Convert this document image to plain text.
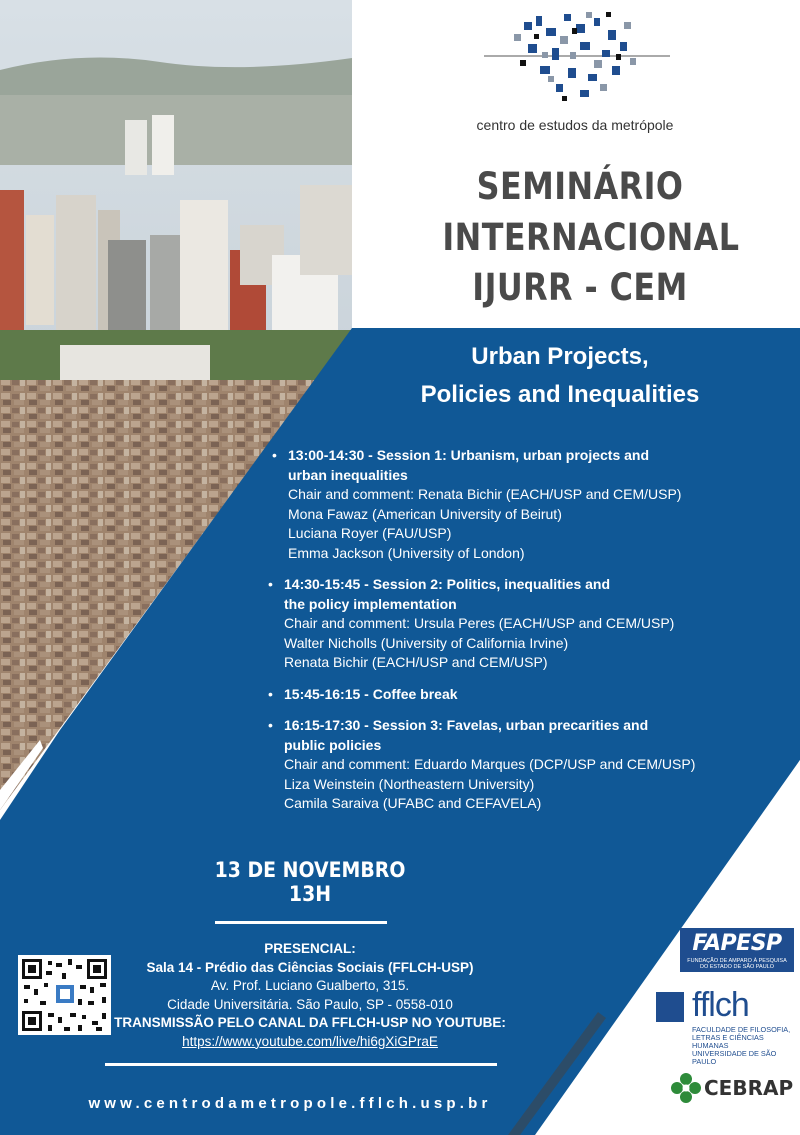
centro de estudos da metrópole
SEMINÁRIO
INTERNACIONAL
IJURR - CEM
Urban Projects,
Policies and Inequalities
• 13:00-14:30 - Session 1: Urbanism, urban projects and
urban inequalities
Chair and comment: Renata Bichir (EACH/USP and CEM/USP)
Mona Fawaz (American University of Beirut)
Luciana Royer (FAU/USP)
Emma Jackson (University of London)
• 14:30-15:45 - Session 2: Politics, inequalities and
the policy implementation
Chair and comment: Ursula Peres (EACH/USP and CEM/USP)
Walter Nicholls (University of California Irvine)
Renata Bichir (EACH/USP and CEM/USP)
• 15:45-16:15 - Coffee break
• 16:15-17:30 - Session 3: Favelas, urban precarities and
public policies
Chair and comment: Eduardo Marques (DCP/USP and CEM/USP)
Liza Weinstein (Northeastern University)
Camila Saraiva (UFABC and CEFAVELA)
13 DE NOVEMBRO
13H
PRESENCIAL:
Sala 14 - Prédio das Ciências Sociais (FFLCH-USP)
Av. Prof. Luciano Gualberto, 315.
Cidade Universitária. São Paulo, SP - 0558-010
TRANSMISSÃO PELO CANAL DA FFLCH-USP NO YOUTUBE:
https://www.youtube.com/live/hi6gXiGPraE
www.centrodametropole.fflch.usp.br
FAPESP
FUNDAÇÃO DE AMPARO À PESQUISA DO ESTADO DE SÃO PAULO
fflch
FACULDADE DE FILOSOFIA,
LETRAS E CIÊNCIAS HUMANAS
UNIVERSIDADE DE SÃO PAULO
CEBRAP
